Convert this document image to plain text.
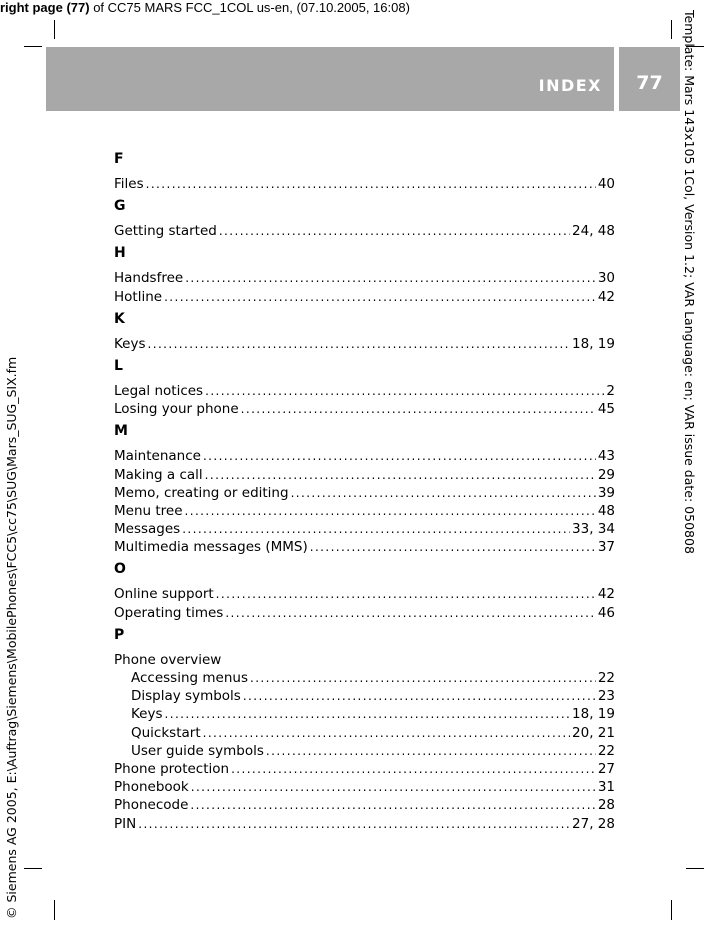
right page (77) of CC75 MARS FCC_1COL us-en, (07.10.2005, 16:08)
INDEX	77
© Siemens AG 2005, E:\Auftrag\Siemens\MobilePhones\FCC5\cc75\SUG\Mars_SUG_SIX.fm
Template: Mars 143x105 1Col, Version 1.2; VAR Language: en; VAR issue date: 050808
F
Files .....	40
G
Getting started .....	24, 48
H
Handsfree .....	30
Hotline .....	42
K
Keys .....	18, 19
L
Legal notices .....	2
Losing your phone .....	45
M
Maintenance .....	43
Making a call .....	29
Memo, creating or editing .....	39
Menu tree .....	48
Messages .....	33, 34
Multimedia messages (MMS) .....	37
O
Online support .....	42
Operating times .....	46
P
Phone overview
Accessing menus .....	22
Display symbols .....	23
Keys .....	18, 19
Quickstart .....	20, 21
User guide symbols .....	22
Phone protection .....	27
Phonebook .....	31
Phonecode .....	28
PIN .....	27, 28
